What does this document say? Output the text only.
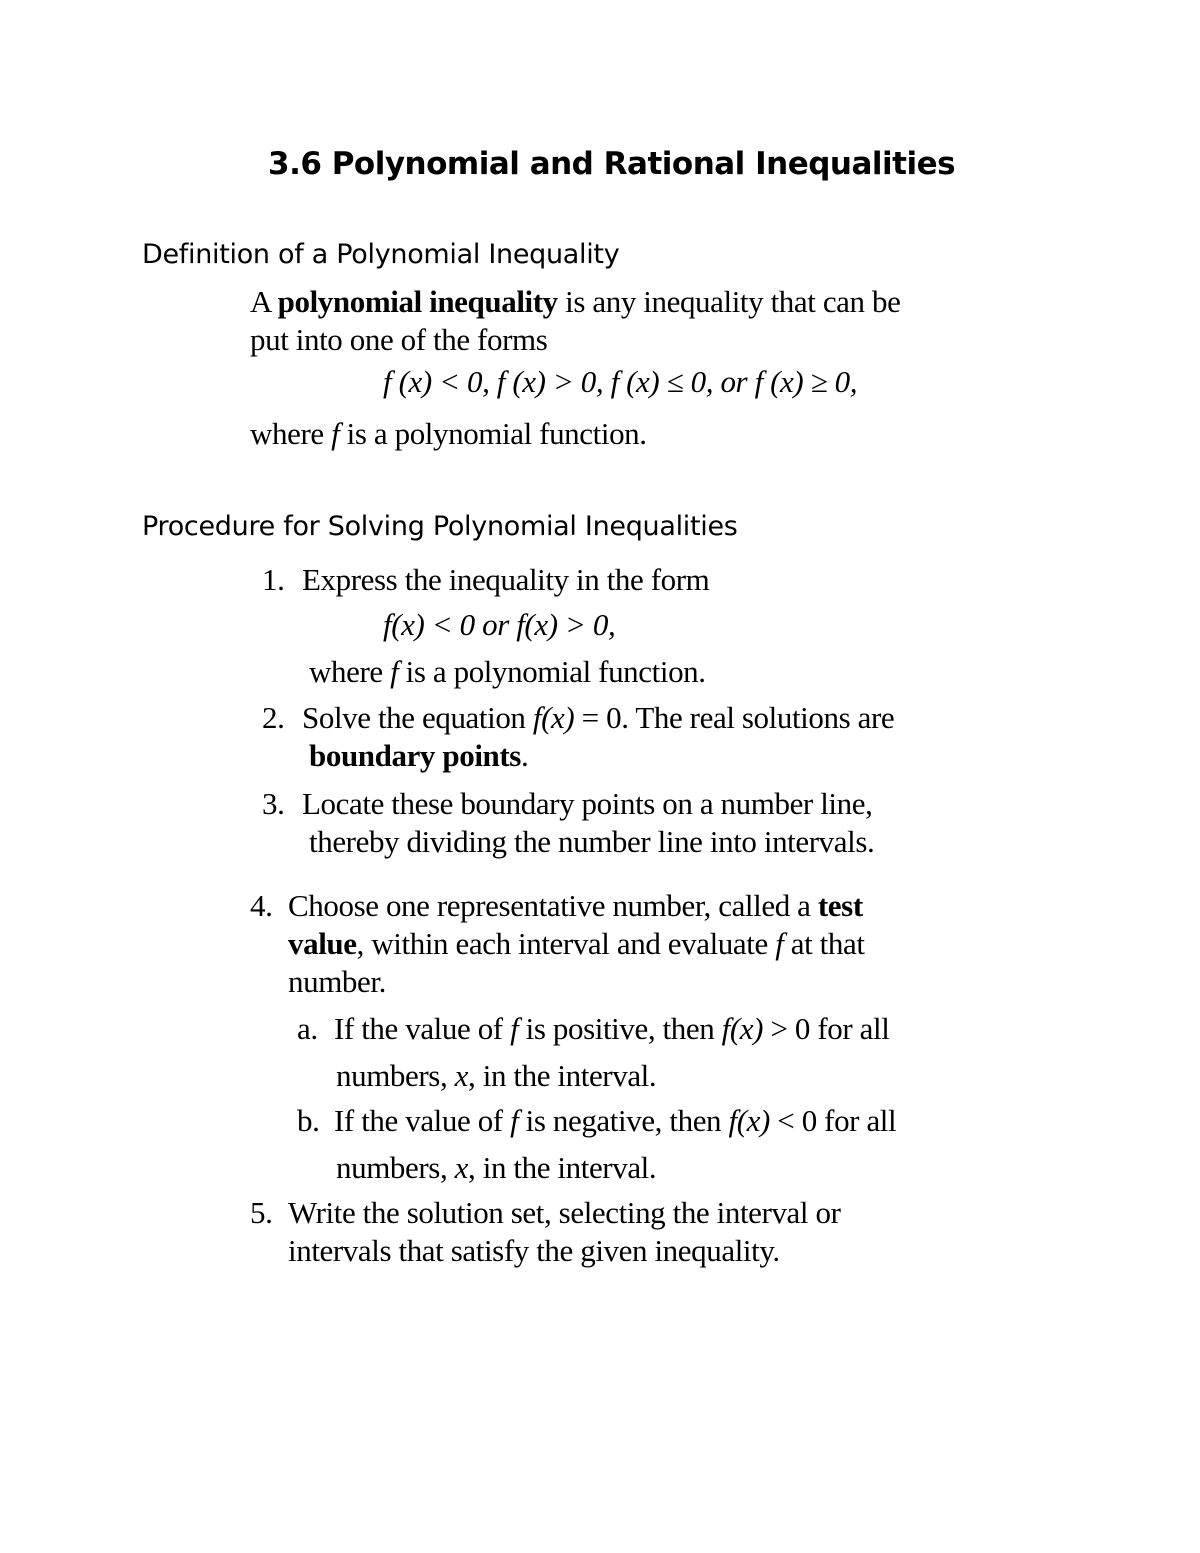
3.6 Polynomial and Rational Inequalities
Definition of a Polynomial Inequality
A polynomial inequality is any inequality that can be
put into one of the forms
f (x) < 0, f (x) > 0, f (x) ≤ 0, or f (x) ≥ 0,
where f is a polynomial function.
Procedure for Solving Polynomial Inequalities
1. Express the inequality in the form
f(x) < 0 or f(x) > 0,
where f is a polynomial function.
2. Solve the equation f(x) = 0. The real solutions are
boundary points.
3. Locate these boundary points on a number line,
thereby dividing the number line into intervals.
4. Choose one representative number, called a test
value, within each interval and evaluate f at that
number.
a. If the value of f is positive, then f(x) > 0 for all
numbers, x, in the interval.
b. If the value of f is negative, then f(x) < 0 for all
numbers, x, in the interval.
5. Write the solution set, selecting the interval or
intervals that satisfy the given inequality.
